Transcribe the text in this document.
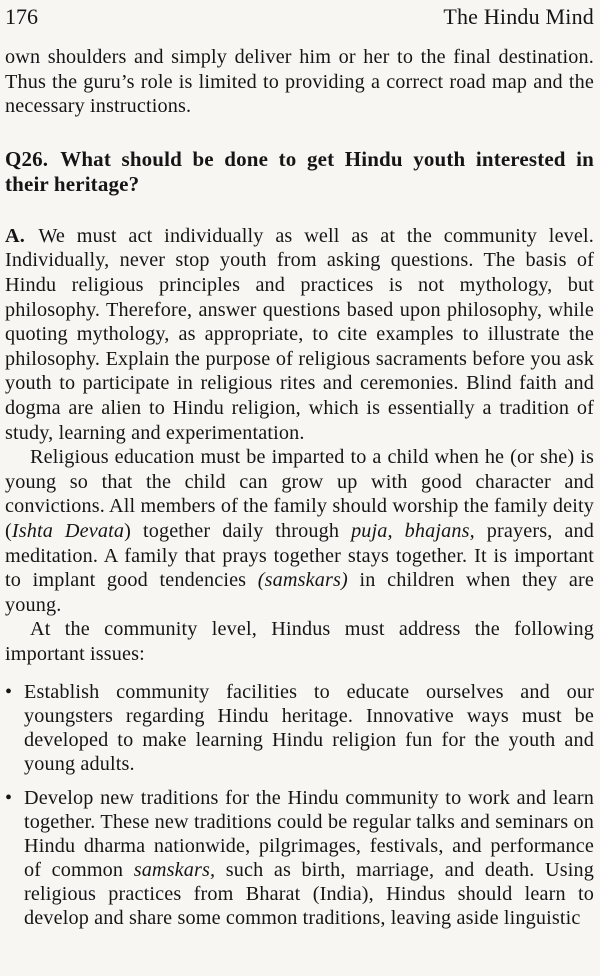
176	The Hindu Mind

own shoulders and simply deliver him or her to the final destination. Thus the guru’s role is limited to providing a correct road map and the necessary instructions.

Q26. What should be done to get Hindu youth interested in their heritage?

A. We must act individually as well as at the community level. Individually, never stop youth from asking questions. The basis of Hindu religious principles and practices is not mythology, but philosophy. Therefore, answer questions based upon philosophy, while quoting mythology, as appropriate, to cite examples to illustrate the philosophy. Explain the purpose of religious sacraments before you ask youth to participate in religious rites and ceremonies. Blind faith and dogma are alien to Hindu religion, which is essentially a tradition of study, learning and experimentation.

Religious education must be imparted to a child when he (or she) is young so that the child can grow up with good character and convictions. All members of the family should worship the family deity (Ishta Devata) together daily through puja, bhajans, prayers, and meditation. A family that prays together stays together. It is important to implant good tendencies (samskars) in children when they are young.

At the community level, Hindus must address the following important issues:

• Establish community facilities to educate ourselves and our youngsters regarding Hindu heritage. Innovative ways must be developed to make learning Hindu religion fun for the youth and young adults.

• Develop new traditions for the Hindu community to work and learn together. These new traditions could be regular talks and seminars on Hindu dharma nationwide, pilgrimages, festivals, and performance of common samskars, such as birth, marriage, and death. Using religious practices from Bharat (India), Hindus should learn to develop and share some common traditions, leaving aside linguistic
